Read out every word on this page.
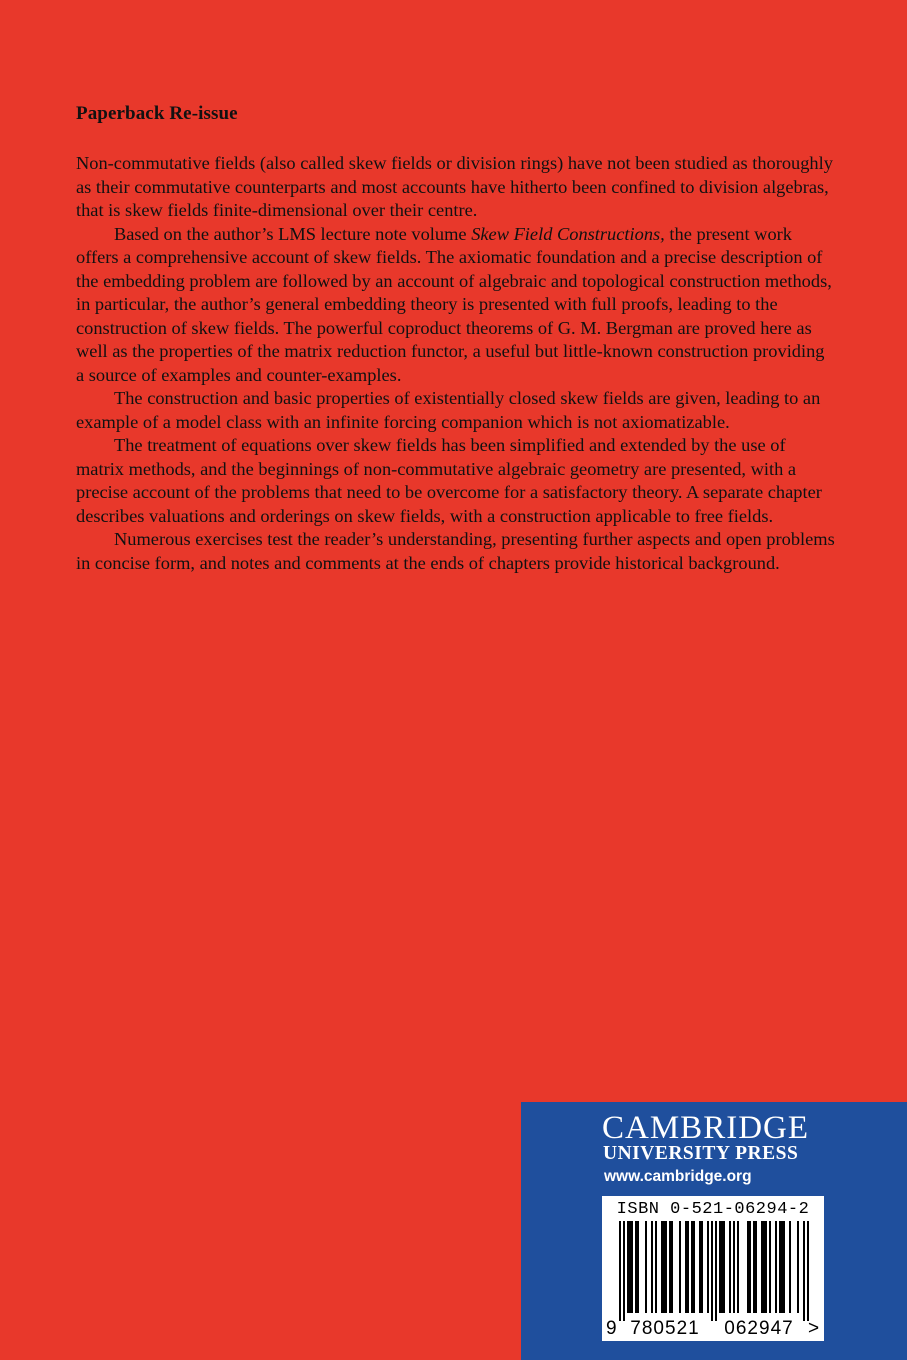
Paperback Re-issue

Non-commutative fields (also called skew fields or division rings) have not been studied as thoroughly as their commutative counterparts and most accounts have hitherto been confined to division algebras, that is skew fields finite-dimensional over their centre.

Based on the author’s LMS lecture note volume Skew Field Constructions, the present work offers a comprehensive account of skew fields. The axiomatic foundation and a precise description of the embedding problem are followed by an account of algebraic and topological construction methods, in particular, the author’s general embedding theory is presented with full proofs, leading to the construction of skew fields. The powerful coproduct theorems of G. M. Bergman are proved here as well as the properties of the matrix reduction functor, a useful but little-known construction providing a source of examples and counter-examples.

The construction and basic properties of existentially closed skew fields are given, leading to an example of a model class with an infinite forcing companion which is not axiomatizable.

The treatment of equations over skew fields has been simplified and extended by the use of matrix methods, and the beginnings of non-commutative algebraic geometry are presented, with a precise account of the problems that need to be overcome for a satisfactory theory. A separate chapter describes valuations and orderings on skew fields, with a construction applicable to free fields.

Numerous exercises test the reader’s understanding, presenting further aspects and open problems in concise form, and notes and comments at the ends of chapters provide historical background.

CAMBRIDGE
UNIVERSITY PRESS
www.cambridge.org
ISBN 0-521-06294-2
9 780521 062947 >
